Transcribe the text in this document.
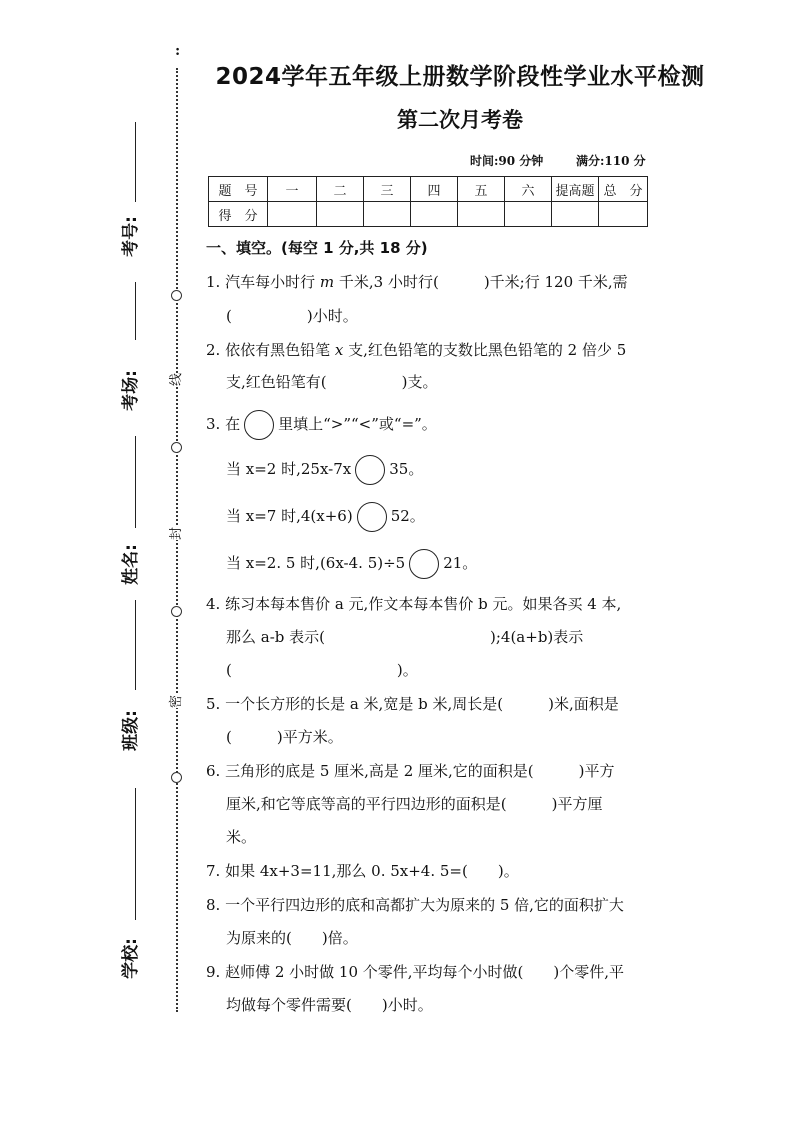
:
线
封
密
考号:
考场:
姓名:
班级:
学校:
2024学年五年级上册数学阶段性学业水平检测
第二次月考卷
时间:90 分钟	满分:110 分
题　号	一	二	三	四	五	六	提高题	总　分
得　分								
一、填空。(每空 1 分,共 18 分)
1. 汽车每小时行 m 千米,3 小时行(　　　)千米;行 120 千米,需
(　　　　　)小时。
2. 依依有黑色铅笔 x 支,红色铅笔的支数比黑色铅笔的 2 倍少 5
支,红色铅笔有(　　　　　)支。
3. 在	里填上“>”“<”或“=”。
当 x=2 时,25x-7x	35。
当 x=7 时,4(x+6)	52。
当 x=2. 5 时,(6x-4. 5)÷5	21。
4. 练习本每本售价 a 元,作文本每本售价 b 元。如果各买 4 本,
那么 a-b 表示(　　　　　　　　　　　);4(a+b)表示
(　　　　　　　　　　　)。
5. 一个长方形的长是 a 米,宽是 b 米,周长是(　　　)米,面积是
(　　　)平方米。
6. 三角形的底是 5 厘米,高是 2 厘米,它的面积是(　　　)平方
厘米,和它等底等高的平行四边形的面积是(　　　)平方厘
米。
7. 如果 4x+3=11,那么 0. 5x+4. 5=(　　)。
8. 一个平行四边形的底和高都扩大为原来的 5 倍,它的面积扩大
为原来的(　　)倍。
9. 赵师傅 2 小时做 10 个零件,平均每个小时做(　　)个零件,平
均做每个零件需要(　　)小时。
